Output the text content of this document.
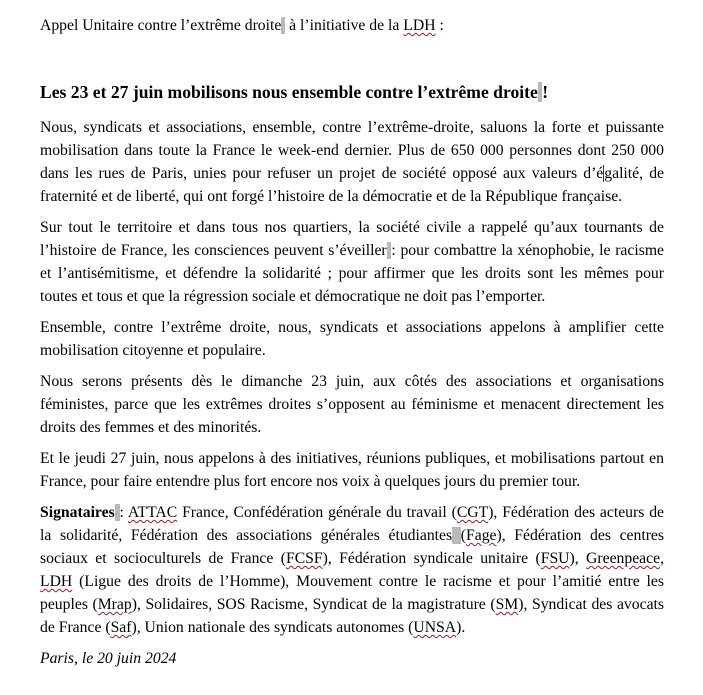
Appel Unitaire contre l’extrême droite  à l’initiative de la LDH :

Les 23 et 27 juin mobilisons nous ensemble contre l’extrême droite !

Nous, syndicats et associations, ensemble, contre l’extrême-droite, saluons la forte et puissante mobilisation dans toute la France le week-end dernier. Plus de 650 000 personnes dont 250 000 dans les rues de Paris, unies pour refuser un projet de société opposé aux valeurs d’égalité, de fraternité et de liberté, qui ont forgé l’histoire de la démocratie et de la République française.

Sur tout le territoire et dans tous nos quartiers, la société civile a rappelé qu’aux tournants de l’histoire de France, les consciences peuvent s’éveiller : pour combattre la xénophobie, le racisme et l’antisémitisme, et défendre la solidarité ; pour affirmer que les droits sont les mêmes pour toutes et tous et que la régression sociale et démocratique ne doit pas l’emporter.

Ensemble, contre l’extrême droite, nous, syndicats et associations appelons à amplifier cette mobilisation citoyenne et populaire.

Nous serons présents dès le dimanche 23 juin, aux côtés des associations et organisations féministes, parce que les extrêmes droites s’opposent au féminisme et menacent directement les droits des femmes et des minorités.

Et le jeudi 27 juin, nous appelons à des initiatives, réunions publiques, et mobilisations partout en France, pour faire entendre plus fort encore nos voix à quelques jours du premier tour.

Signataires : ATTAC France, Confédération générale du travail (CGT), Fédération des acteurs de la solidarité, Fédération des associations générales étudiantes (Fage), Fédération des centres sociaux et socioculturels de France (FCSF), Fédération syndicale unitaire (FSU), Greenpeace, LDH (Ligue des droits de l’Homme), Mouvement contre le racisme et pour l’amitié entre les peuples (Mrap), Solidaires, SOS Racisme, Syndicat de la magistrature (SM), Syndicat des avocats de France (Saf), Union nationale des syndicats autonomes (UNSA).

Paris, le 20 juin 2024
